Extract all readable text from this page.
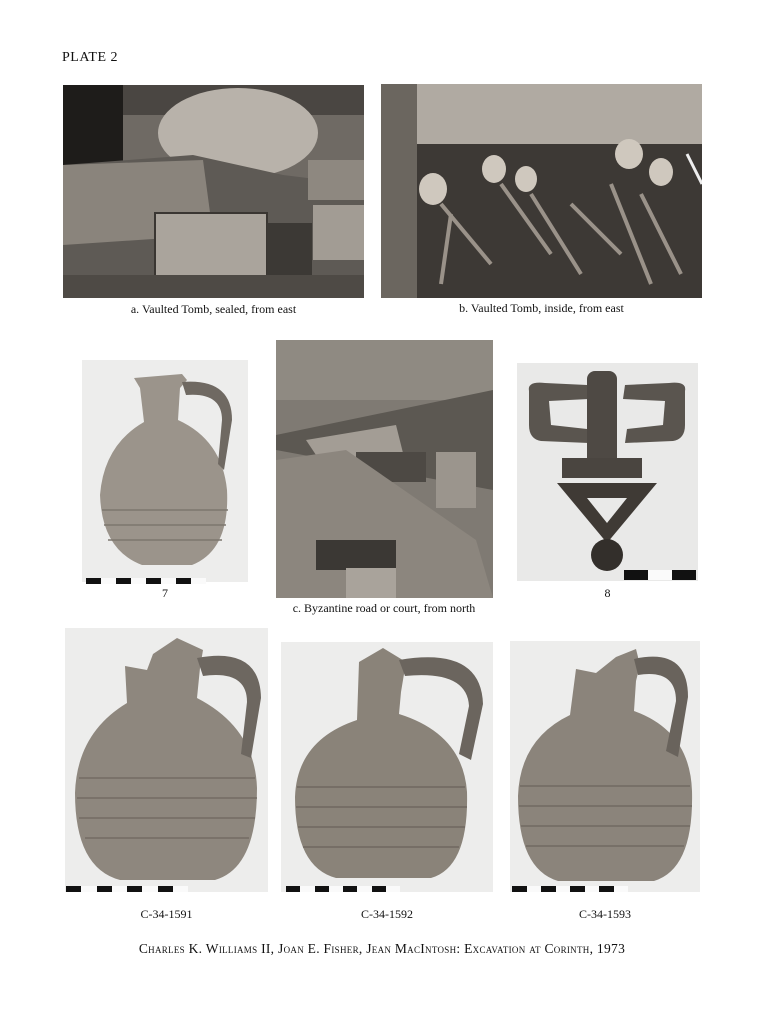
PLATE 2
a. Vaulted Tomb, sealed, from east	b. Vaulted Tomb, inside, from east
7
c. Byzantine road or court, from north
8
C-34-1591	C-34-1592	C-34-1593
Charles K. Williams II, Joan E. Fisher, Jean MacIntosh: Excavation at Corinth, 1973
